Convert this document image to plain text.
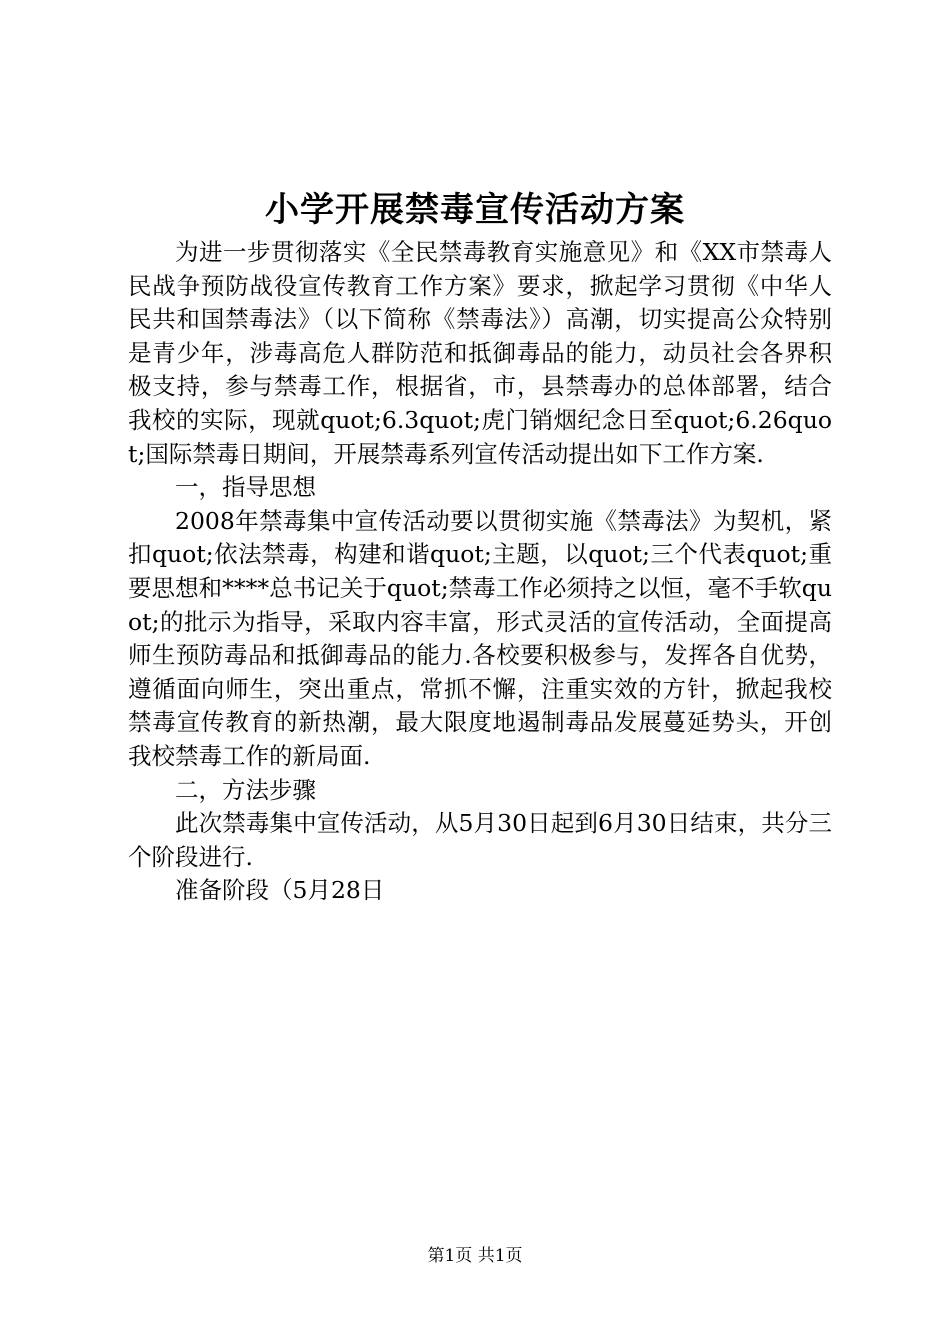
小学开展禁毒宣传活动方案

为进一步贯彻落实《全民禁毒教育实施意见》和《XX市禁毒人民战争预防战役宣传教育工作方案》要求，掀起学习贯彻《中华人民共和国禁毒法》（以下简称《禁毒法》）高潮，切实提高公众特别是青少年，涉毒高危人群防范和抵御毒品的能力，动员社会各界积极支持，参与禁毒工作，根据省，市，县禁毒办的总体部署，结合我校的实际，现就quot;6.3quot;虎门销烟纪念日至quot;6.26quot;国际禁毒日期间，开展禁毒系列宣传活动提出如下工作方案.

一，指导思想

2008年禁毒集中宣传活动要以贯彻实施《禁毒法》为契机，紧扣quot;依法禁毒，构建和谐quot;主题，以quot;三个代表quot;重要思想和****总书记关于quot;禁毒工作必须持之以恒，毫不手软quot;的批示为指导，采取内容丰富，形式灵活的宣传活动，全面提高师生预防毒品和抵御毒品的能力.各校要积极参与，发挥各自优势，遵循面向师生，突出重点，常抓不懈，注重实效的方针，掀起我校禁毒宣传教育的新热潮，最大限度地遏制毒品发展蔓延势头，开创我校禁毒工作的新局面.

二，方法步骤

此次禁毒集中宣传活动，从5月30日起到6月30日结束，共分三个阶段进行.

准备阶段（5月28日

第1页 共1页
